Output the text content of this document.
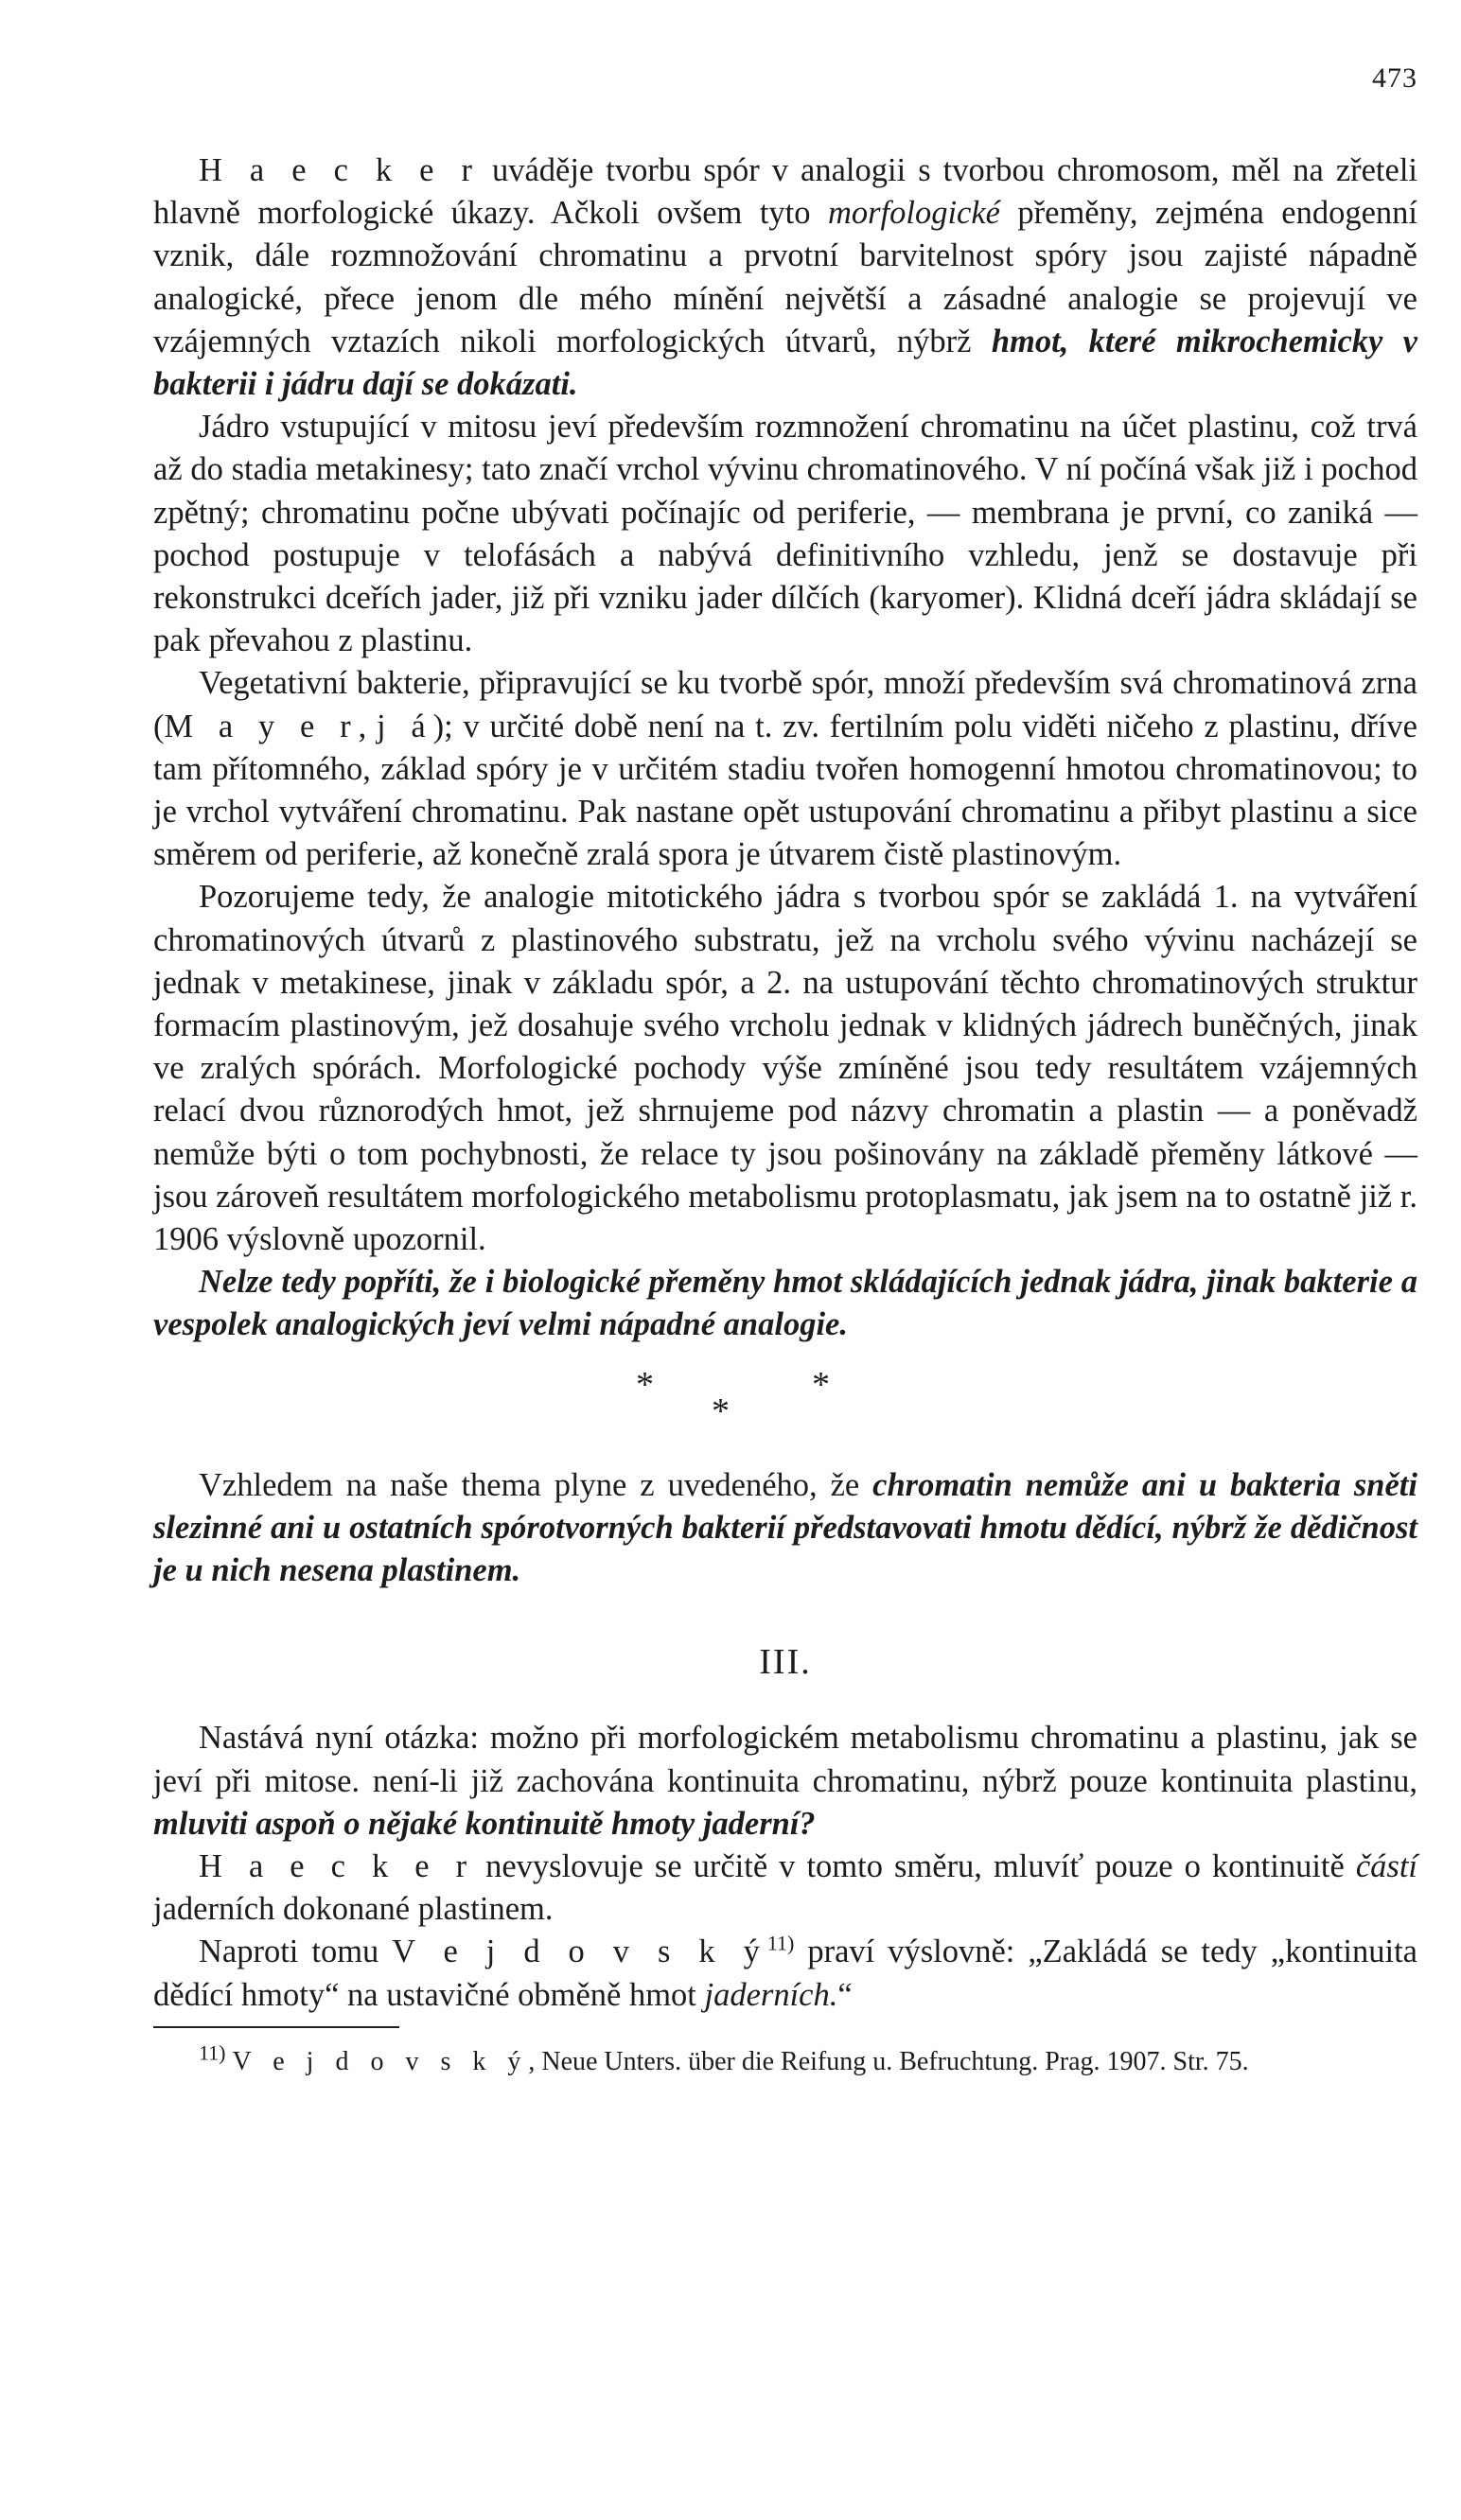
473

H a e c k e r uváděje tvorbu spór v analogii s tvorbou chromosom, měl na zřeteli hlavně morfologické úkazy. Ačkoli ovšem tyto morfologické přeměny, zejména endogenní vznik, dále rozmnožování chromatinu a prvotní barvitelnost spóry jsou zajisté nápadně analogické, přece jenom dle mého mínění největší a zásadné analogie se projevují ve vzájemných vztazích nikoli morfologických útvarů, nýbrž hmot, které mikrochemicky v bakterii i jádru dají se dokázati.

Jádro vstupující v mitosu jeví především rozmnožení chromatinu na účet plastinu, což trvá až do stadia metakinesy; tato značí vrchol vývinu chromatinového. V ní počíná však již i pochod zpětný; chromatinu počne ubývati počínajíc od periferie, — membrana je první, co zaniká — pochod postupuje v telofásách a nabývá definitivního vzhledu, jenž se dostavuje při rekonstrukci dceřích jader, již při vzniku jader dílčích (karyomer). Klidná dceří jádra skládají se pak převahou z plastinu.

Vegetativní bakterie, připravující se ku tvorbě spór, množí především svá chromatinová zrna (M a y e r, j á); v určité době není na t. zv. fertilním polu viděti ničeho z plastinu, dříve tam přítomného, základ spóry je v určitém stadiu tvořen homogenní hmotou chromatinovou; to je vrchol vytváření chromatinu. Pak nastane opět ustupování chromatinu a přibyt plastinu a sice směrem od periferie, až konečně zralá spora je útvarem čistě plastinovým.

Pozorujeme tedy, že analogie mitotického jádra s tvorbou spór se zakládá 1. na vytváření chromatinových útvarů z plastinového substratu, jež na vrcholu svého vývinu nacházejí se jednak v metakinese, jinak v základu spór, a 2. na ustupování těchto chromatinových struktur formacím plastinovým, jež dosahuje svého vrcholu jednak v klidných jádrech buněčných, jinak ve zralých spórách. Morfologické pochody výše zmíněné jsou tedy resultátem vzájemných relací dvou různorodých hmot, jež shrnujeme pod názvy chromatin a plastin — a poněvadž nemůže býti o tom pochybnosti, že relace ty jsou pošinovány na základě přeměny látkové — jsou zároveň resultátem morfologického metabolismu protoplasmatu, jak jsem na to ostatně již r. 1906 výslovně upozornil.

Nelze tedy popříti, že i biologické přeměny hmot skládajících jednak jádra, jinak bakterie a vespolek analogických jeví velmi nápadné analogie.

*
*
*

Vzhledem na naše thema plyne z uvedeného, že chromatin nemůže ani u bakteria sněti slezinné ani u ostatních spórotvorných bakterií představovati hmotu dědící, nýbrž že dědičnost je u nich nesena plastinem.

III.

Nastává nyní otázka: možno při morfologickém metabolismu chromatinu a plastinu, jak se jeví při mitose. není-li již zachována kontinuita chromatinu, nýbrž pouze kontinuita plastinu, mluviti aspoň o nějaké kontinuitě hmoty jaderní?

H a e c k e r nevyslovuje se určitě v tomto směru, mluvíť pouze o kontinuitě částí jaderních dokonané plastinem.

Naproti tomu V e j d o v s k $ý^{11)}$ praví výslovně: „Zakládá se tedy „kontinuita dědící hmoty“ na ustavičné obměně hmot jaderních.“

$^{11)}$ V e j d o v s k ý, Neue Unters. über die Reifung u. Befruchtung. Prag. 1907. Str. 75.
